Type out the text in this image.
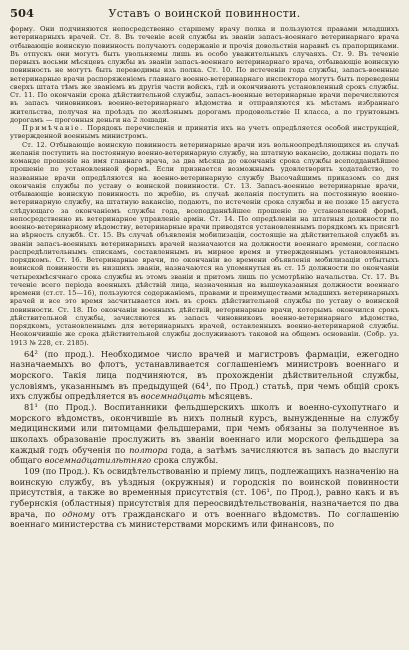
504	Уставъ о воинской повинности.

форму. Они подчиняются непосредственно старшему врачу полка и пользуются правами младшихъ ветеринарныхъ врачей. Ст. 8. Въ теченіе всей службы въ званіи запасъ-военнаго ветеринарнаго врача отбывающіе воинскую повинность получаютъ содержаніе и прочія довольствія наравнѣ съ прапорщиками. Въ отпускъ они могутъ быть увольняемы лишь въ особо уважительныхъ случаяхъ. Ст. 9. Въ теченіе первыхъ восьми мѣсяцевъ службы въ званіи запасъ-военнаго ветеринарнаго врача, отбывающіе воинскую повинность не могутъ быть переводимы изъ полка. Ст. 10. По истеченіи года службы, запасъ-военные ветеринарные врачи распоряженіемъ главнаго военно-ветеринарнаго инспектора могутъ быть переведены сверхъ штата тѣмъ же званіемъ въ другія части войскъ, гдѣ и окончиваютъ установленный срокъ службы. Ст. 11. По окончаніи срока дѣйствительной службы, запасъ-военные ветеринарные врачи перечисляются въ запасъ чиновниковъ военно-ветеринарнаго вѣдомства и отправляются къ мѣстамъ избраннаго жительства, получая на проѣздъ по желѣзнымъ дорогамъ продовольствіе II класса, а по грунтовымъ дорогамъ — прогонныя деньги на 2 лошади.

Примѣчаніе. Порядокъ перечисленія и принятія ихъ на учетъ опредѣляется особой инструкціей, утвержденной военнымъ министромъ.

Ст. 12. Отбывающіе воинскую повинность ветеринарные врачи изъ вольноопредѣляющихся въ случаѣ желанія поступить на постоянную военно-ветеринарную службу, на штатную вакансію, должны подать по команде прошеніе на имя главнаго врача, за два мѣсяца до окончанія срока службы всеподданнѣйшее прошеніе по установленной формѣ. Если признается возможнымъ удовлетворить ходатайство, то названные врачи опредѣляются на военно-ветеринарную службу Высочайшимъ приказомъ со дня окончанія службы по уставу о воинской повинности. Ст. 13. Запасъ-военные ветеринарные врачи, отбывающіе воинскую повинность по жребію, въ случаѣ желанія поступить на постоянную военно-ветеринарную службу, на штатную вакансію, подаютъ, по истеченіи срока службы и не позже 15 августа слѣдующаго за окончаніемъ службы года, всеподданнѣйшее прошеніе по установленной формѣ, непосредственно въ ветеринарное управленіе армін. Ст. 14. По опредѣленіи на штатныя должности по военно-ветеринарному вѣдомству, ветеринарные врачи приводятся установленнымъ порядкомъ къ присягѣ на вѣрность службѣ. Ст. 15. Въ случаѣ объявленія мобилизаціи, состоящіе на дѣйствительной службѣ въ званіи запасъ-военныхъ ветеринарныхъ врачей назначаются на должности военнаго времени, согласно распредѣлительнымъ спискамъ, составленнымъ въ мирное время и утвержденнымъ установленнымъ порядкомъ. Ст. 16. Ветеринарные врачи, по окончаніи во времени объявленія мобилизаціи отбытыхъ воинской повинности въ низшихъ званіи, назначаются на упомянутыя въ ст. 15 должности по окончаніи четырехмѣсячнаго срока службы въ этомъ званіи и притомъ лишь по усмотрѣнію начальства. Ст. 17. Въ теченіе всего періода военныхъ дѣйствій лица, назначенныя на вышеуказанныя должности военнаго времени (ст.ст. 15—16), пользуются содержаніемъ, правами и преимуществами младшихъ ветеринарныхъ врачей и все это время засчитывается имъ въ срокъ дѣйствительной службы по уставу о воинской повинности. Ст. 18. По окончаніи военныхъ дѣйствій, ветеринарные врачи, которымъ окончился срокъ дѣйствительной службы, зачисляются въ запасъ чиновниковъ военно-ветеринарнаго вѣдомства, порядкомъ, установленнымъ для ветеринарныхъ врачей, оставленныхъ военно-ветеринарной службы. Неокончившіе же срока дѣйствительной службы дослуживаютъ таковой на общемъ основаніи. (Собр. уз. 1913 № 228, ст. 2185).

64² (по прод.). Необходимое число врачей и магистровъ фармаціи, ежегодно назначаемыхъ во флотъ, устанавливается соглашеніемъ министровъ военнаго и морского. Такія лица подчиняются, въ прохожденіи дѣйствительной службы, условіямъ, указаннымъ въ предыдущей (64¹, по Прод.) статьѣ, при чемъ общій срокъ ихъ службы опредѣляется въ восемнадцать мѣсяцевъ.

81¹ (по Прод.). Воспитанники фельдшерскихъ школъ и военно-сухопутнаго и морского вѣдомствъ, окончившіе въ нихъ полный курсъ, вынужденные на службу медицинскими или питомцами фельдшерами, при чемъ обязаны за полученное въ школахъ образованіе прослужить въ званіи военнаго или морского фельдшера за каждый годъ обученія по полтора года, а затѣмъ зачисляются въ запасъ до выслуги общаго восемнадцатилѣтняго срока службы.

109 (по Прод.). Къ освидѣтельствованію и пріему лицъ, подлежащихъ назначенію на воинскую службу, въ уѣздныя (окружныя) и городскія по воинской повинности присутствія, а также во временныя присутствія (ст. 106¹, по Прод.), равно какъ и въ губернскія (областныя) присутствія для переосвидѣтельствованія, назначается по два врача, по одному отъ гражданскаго и отъ военнаго вѣдомствъ. По соглашенію военнаго министерства съ министерствами морскимъ или финансовъ, по
